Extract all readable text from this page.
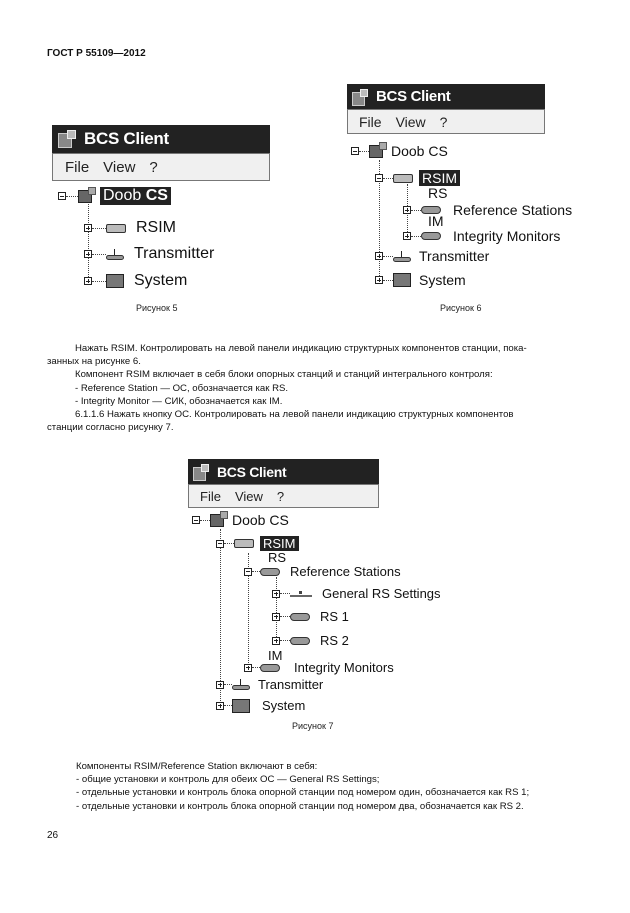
ГОСТ Р 55109—2012
BCS Client
File View ?
Doob CS
RSIM
Transmitter
System
Рисунок 5
BCS Client
File View ?
Doob
CS
RSIM
RS
Reference
Stations
IM
Integrity
Monitors
Transmitter
System
Рисунок 6
Нажать RSIM. Контролировать на левой панели индикацию структурных компонентов станции, пока-
занных на рисунке 6.
Компонент RSIM включает в себя блоки опорных станций и станций интегрального контроля:
- Reference Station — ОС, обозначается как RS.
- Integrity Monitor — СИК, обозначается как IM.
6.1.1.6 Нажать кнопку ОС. Контролировать на левой панели индикацию структурных компонентов
станции согласно рисунку 7.
BCS Client
File View ?
Doob
CS
RSIM
RS
Reference
Stations
General
RS
Settings
RS 1
RS 2
IM
Integrity
Monitors
Transmitter
System
Рисунок 7
Компоненты RSIM/Reference Station включают в себя:
- общие установки и контроль для обеих ОС — General RS Settings;
- отдельные установки и контроль блока опорной станции под номером один, обозначается как RS 1;
- отдельные установки и контроль блока опорной станции под номером два, обозначается как RS 2.
26
